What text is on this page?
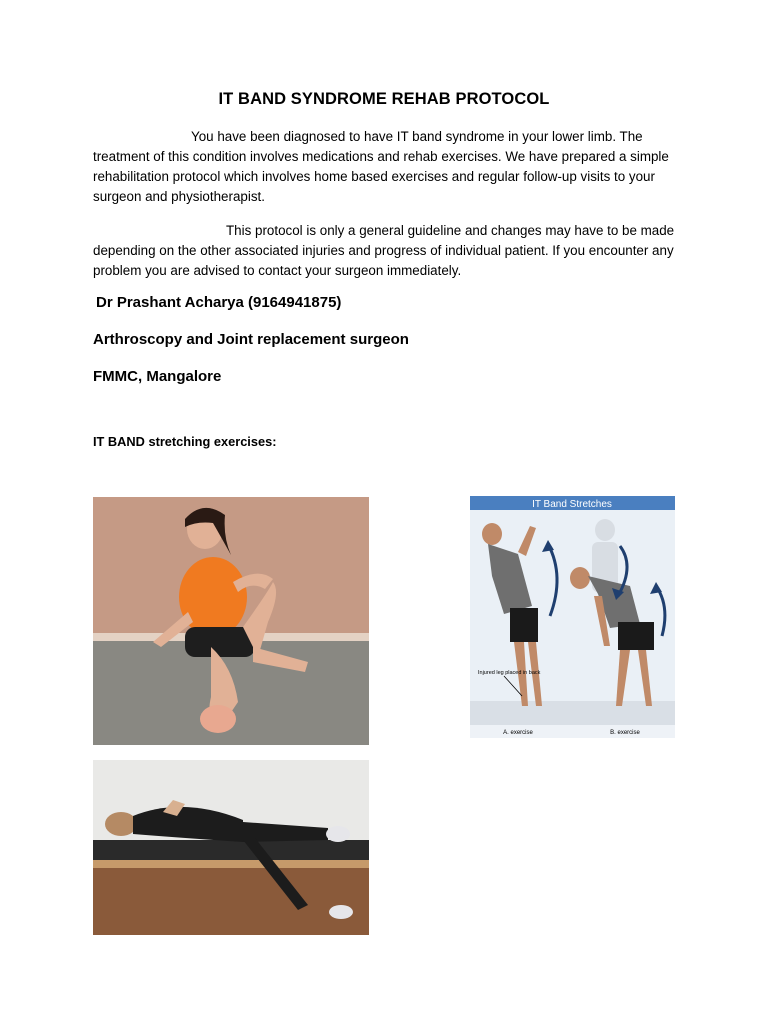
IT BAND SYNDROME REHAB PROTOCOL

You have been diagnosed to have IT band syndrome in your lower limb. The treatment of this condition involves medications and rehab exercises. We have prepared a simple rehabilitation protocol which involves home based exercises and regular follow-up visits to your surgeon and physiotherapist.

This protocol is only a general guideline and changes may have to be made depending on the other associated injuries and progress of individual patient. If you encounter any problem you are advised to contact your surgeon immediately.

Dr Prashant Acharya (9164941875)
Arthroscopy and Joint replacement surgeon
FMMC, Mangalore
IT BAND stretching exercises:
IT Band Stretches
Injured leg placed in back
A. exercise	B. exercise
